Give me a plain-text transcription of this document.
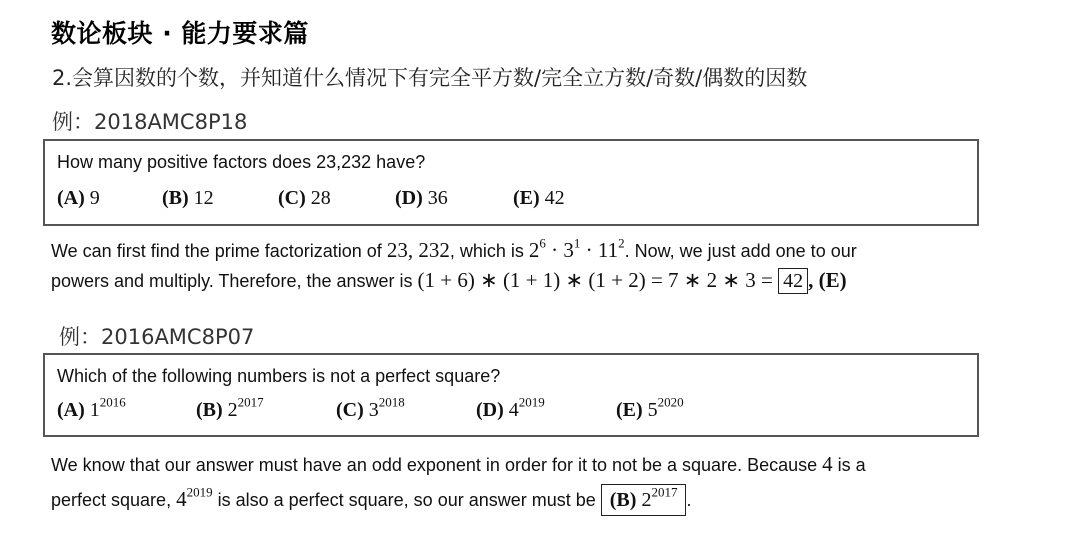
数论板块 · 能力要求篇
2.会算因数的个数，并知道什么情况下有完全平方数/完全立方数/奇数/偶数的因数
例：2018AMC8P18
How many positive factors does 23,232 have?
(A) 9	(B) 12	(C) 28	(D) 36	(E) 42
We can first find the prime factorization of 23, 232, which is $2^6 \cdot 3^1 \cdot 11^2$. Now, we just add one to our
powers and multiply. Therefore, the answer is (1 + 6) ∗ (1 + 1) ∗ (1 + 2) = 7 ∗ 2 ∗ 3 = 42 , (E)
例：2016AMC8P07
Which of the following numbers is not a perfect square?
(A) $1^{2016}$	(B) $2^{2017}$	(C) $3^{2018}$	(D) $4^{2019}$	(E) $5^{2020}$
We know that our answer must have an odd exponent in order for it to not be a square. Because 4 is a
perfect square, $4^{2019}$ is also a perfect square, so our answer must be (B) $2^{2017}$ .
